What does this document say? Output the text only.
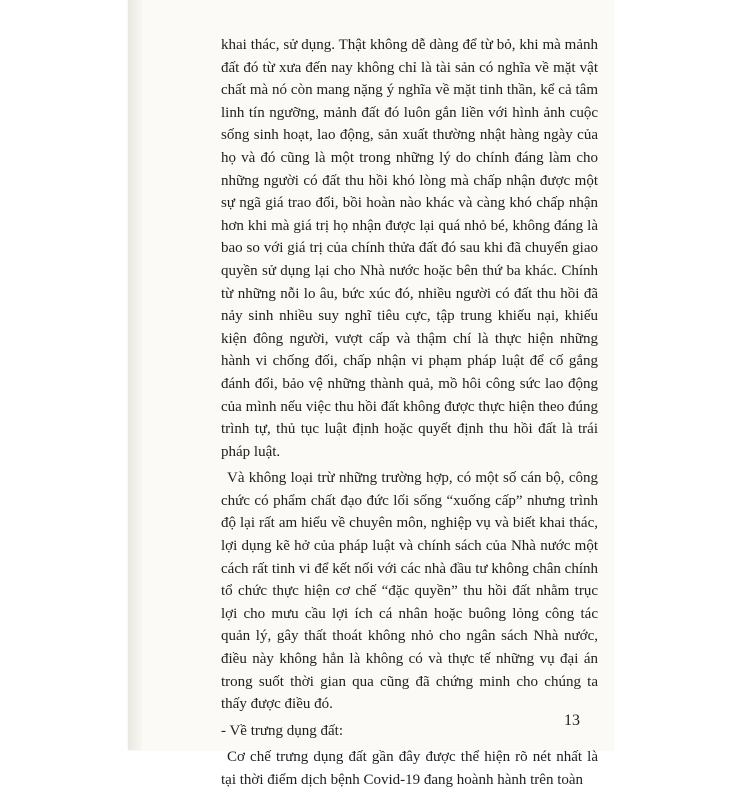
khai thác, sử dụng. Thật không dễ dàng để từ bỏ, khi mà mảnh đất đó từ xưa đến nay không chỉ là tài sản có nghĩa về mặt vật chất mà nó còn mang nặng ý nghĩa về mặt tinh thần, kể cả tâm linh tín ngưỡng, mảnh đất đó luôn gắn liền với hình ảnh cuộc sống sinh hoạt, lao động, sản xuất thường nhật hàng ngày của họ và đó cũng là một trong những lý do chính đáng làm cho những người có đất thu hồi khó lòng mà chấp nhận được một sự ngã giá trao đổi, bồi hoàn nào khác và càng khó chấp nhận hơn khi mà giá trị họ nhận được lại quá nhỏ bé, không đáng là bao so với giá trị của chính thửa đất đó sau khi đã chuyển giao quyền sử dụng lại cho Nhà nước hoặc bên thứ ba khác. Chính từ những nỗi lo âu, bức xúc đó, nhiều người có đất thu hồi đã nảy sinh nhiều suy nghĩ tiêu cực, tập trung khiếu nại, khiếu kiện đông người, vượt cấp và thậm chí là thực hiện những hành vi chống đối, chấp nhận vi phạm pháp luật để cố gắng đánh đổi, bảo vệ những thành quả, mồ hôi công sức lao động của mình nếu việc thu hồi đất không được thực hiện theo đúng trình tự, thủ tục luật định hoặc quyết định thu hồi đất là trái pháp luật.

Và không loại trừ những trường hợp, có một số cán bộ, công chức có phẩm chất đạo đức lối sống “xuống cấp” nhưng trình độ lại rất am hiểu về chuyên môn, nghiệp vụ và biết khai thác, lợi dụng kẽ hở của pháp luật và chính sách của Nhà nước một cách rất tinh vi để kết nối với các nhà đầu tư không chân chính tổ chức thực hiện cơ chế “đặc quyền” thu hồi đất nhằm trục lợi cho mưu cầu lợi ích cá nhân hoặc buông lỏng công tác quản lý, gây thất thoát không nhỏ cho ngân sách Nhà nước, điều này không hẳn là không có và thực tế những vụ đại án trong suốt thời gian qua cũng đã chứng minh cho chúng ta thấy được điều đó.

- Về trưng dụng đất:

Cơ chế trưng dụng đất gần đây được thể hiện rõ nét nhất là tại thời điểm dịch bệnh Covid-19 đang hoành hành trên toàn

13
